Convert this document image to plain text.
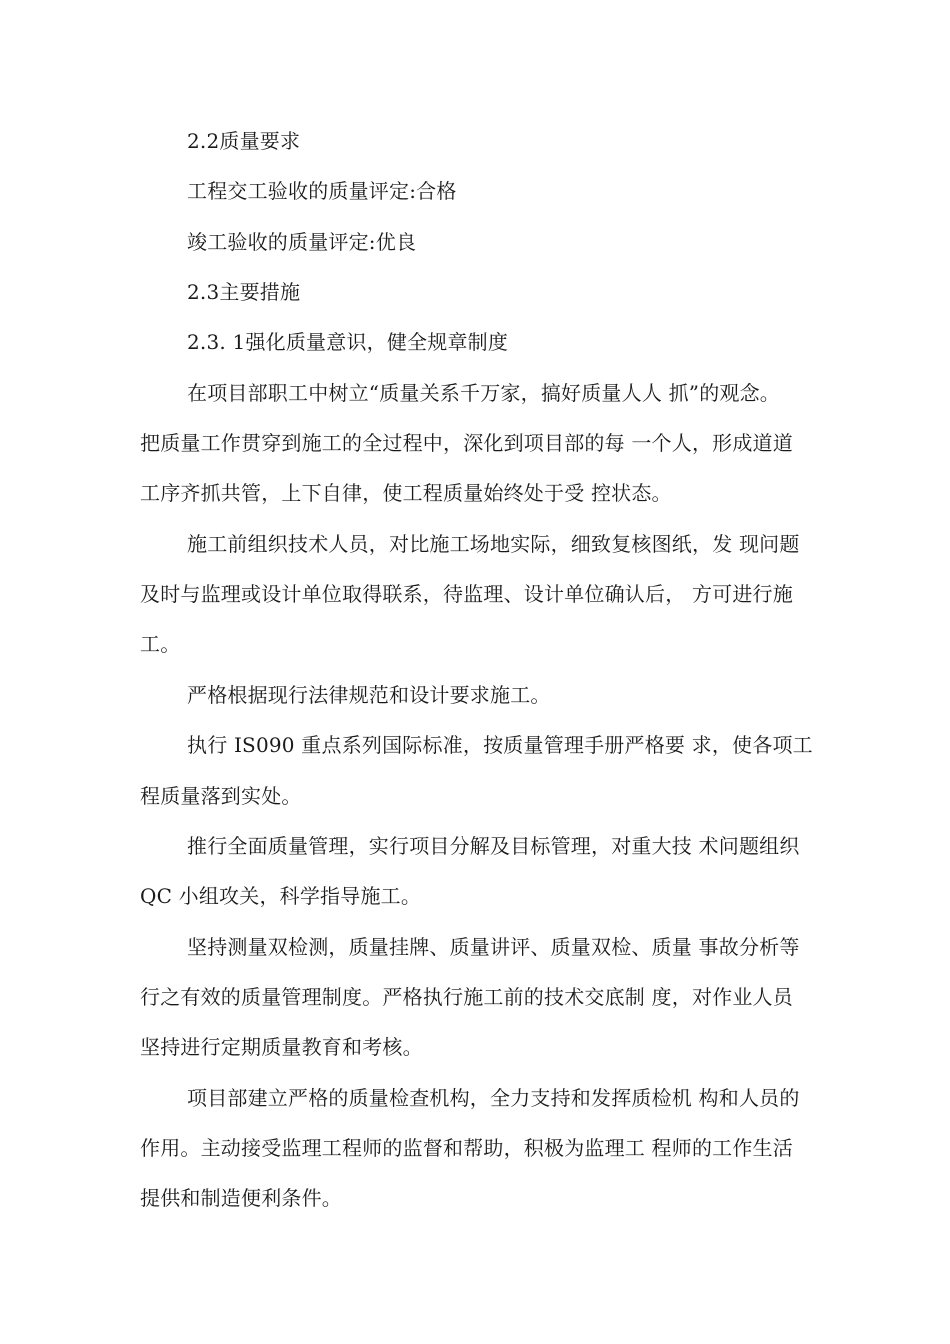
2.2质量要求
工程交工验收的质量评定:合格
竣工验收的质量评定:优良
2.3主要措施
2.3. 1强化质量意识，健全规章制度
在项目部职工中树立“质量关系千万家，搞好质量人人 抓”的观念。
把质量工作贯穿到施工的全过程中，深化到项目部的每 一个人，形成道道
工序齐抓共管，上下自律，使工程质量始终处于受 控状态。
施工前组织技术人员，对比施工场地实际，细致复核图纸，发 现问题
及时与监理或设计单位取得联系，待监理、设计单位确认后， 方可进行施
工。
严格根据现行法律规范和设计要求施工。
执行 IS090 重点系列国际标准，按质量管理手册严格要 求，使各项工
程质量落到实处。
推行全面质量管理，实行项目分解及目标管理，对重大技 术问题组织
QC 小组攻关，科学指导施工。
坚持测量双检测，质量挂牌、质量讲评、质量双检、质量 事故分析等
行之有效的质量管理制度。严格执行施工前的技术交底制 度，对作业人员
坚持进行定期质量教育和考核。
项目部建立严格的质量检查机构，全力支持和发挥质检机 构和人员的
作用。主动接受监理工程师的监督和帮助，积极为监理工 程师的工作生活
提供和制造便利条件。
